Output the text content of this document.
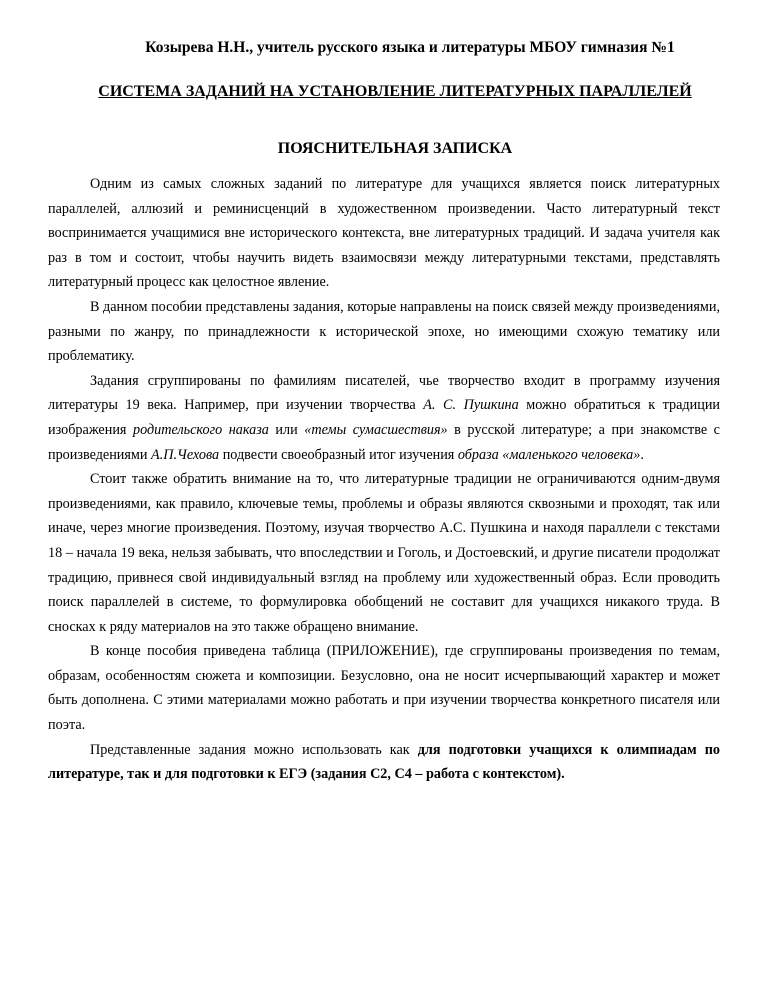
Козырева Н.Н., учитель русского языка и литературы МБОУ гимназия №1
СИСТЕМА ЗАДАНИЙ НА УСТАНОВЛЕНИЕ ЛИТЕРАТУРНЫХ ПАРАЛЛЕЛЕЙ
ПОЯСНИТЕЛЬНАЯ ЗАПИСКА

Одним из самых сложных заданий по литературе для учащихся является поиск литературных параллелей, аллюзий и реминисценций в художественном произведении. Часто литературный текст воспринимается учащимися вне исторического контекста, вне литературных традиций. И задача учителя как раз в том и состоит, чтобы научить видеть взаимосвязи между литературными текстами, представлять литературный процесс как целостное явление.

В данном пособии представлены задания, которые направлены на поиск связей между произведениями, разными по жанру, по принадлежности к исторической эпохе, но имеющими схожую тематику или проблематику.

Задания сгруппированы по фамилиям писателей, чье творчество входит в программу изучения литературы 19 века. Например, при изучении творчества А. С. Пушкина можно обратиться к традиции изображения родительского наказа или «темы сумасшествия» в русской литературе; а при знакомстве с произведениями А.П.Чехова подвести своеобразный итог изучения образа «маленького человека».

Стоит также обратить внимание на то, что литературные традиции не ограничиваются одним-двумя произведениями, как правило, ключевые темы, проблемы и образы являются сквозными и проходят, так или иначе, через многие произведения. Поэтому, изучая творчество А.С. Пушкина и находя параллели с текстами 18 – начала 19 века, нельзя забывать, что впоследствии и Гоголь, и Достоевский, и другие писатели продолжат традицию, привнеся свой индивидуальный взгляд на проблему или художественный образ. Если проводить поиск параллелей в системе, то формулировка обобщений не составит для учащихся никакого труда. В сносках к ряду материалов на это также обращено внимание.

В конце пособия приведена таблица (ПРИЛОЖЕНИЕ), где сгруппированы произведения по темам, образам, особенностям сюжета и композиции. Безусловно, она не носит исчерпывающий характер и может быть дополнена. С этими материалами можно работать и при изучении творчества конкретного писателя или поэта.

Представленные задания можно использовать как для подготовки учащихся к олимпиадам по литературе, так и для подготовки к ЕГЭ (задания С2, С4 – работа с контекстом).
